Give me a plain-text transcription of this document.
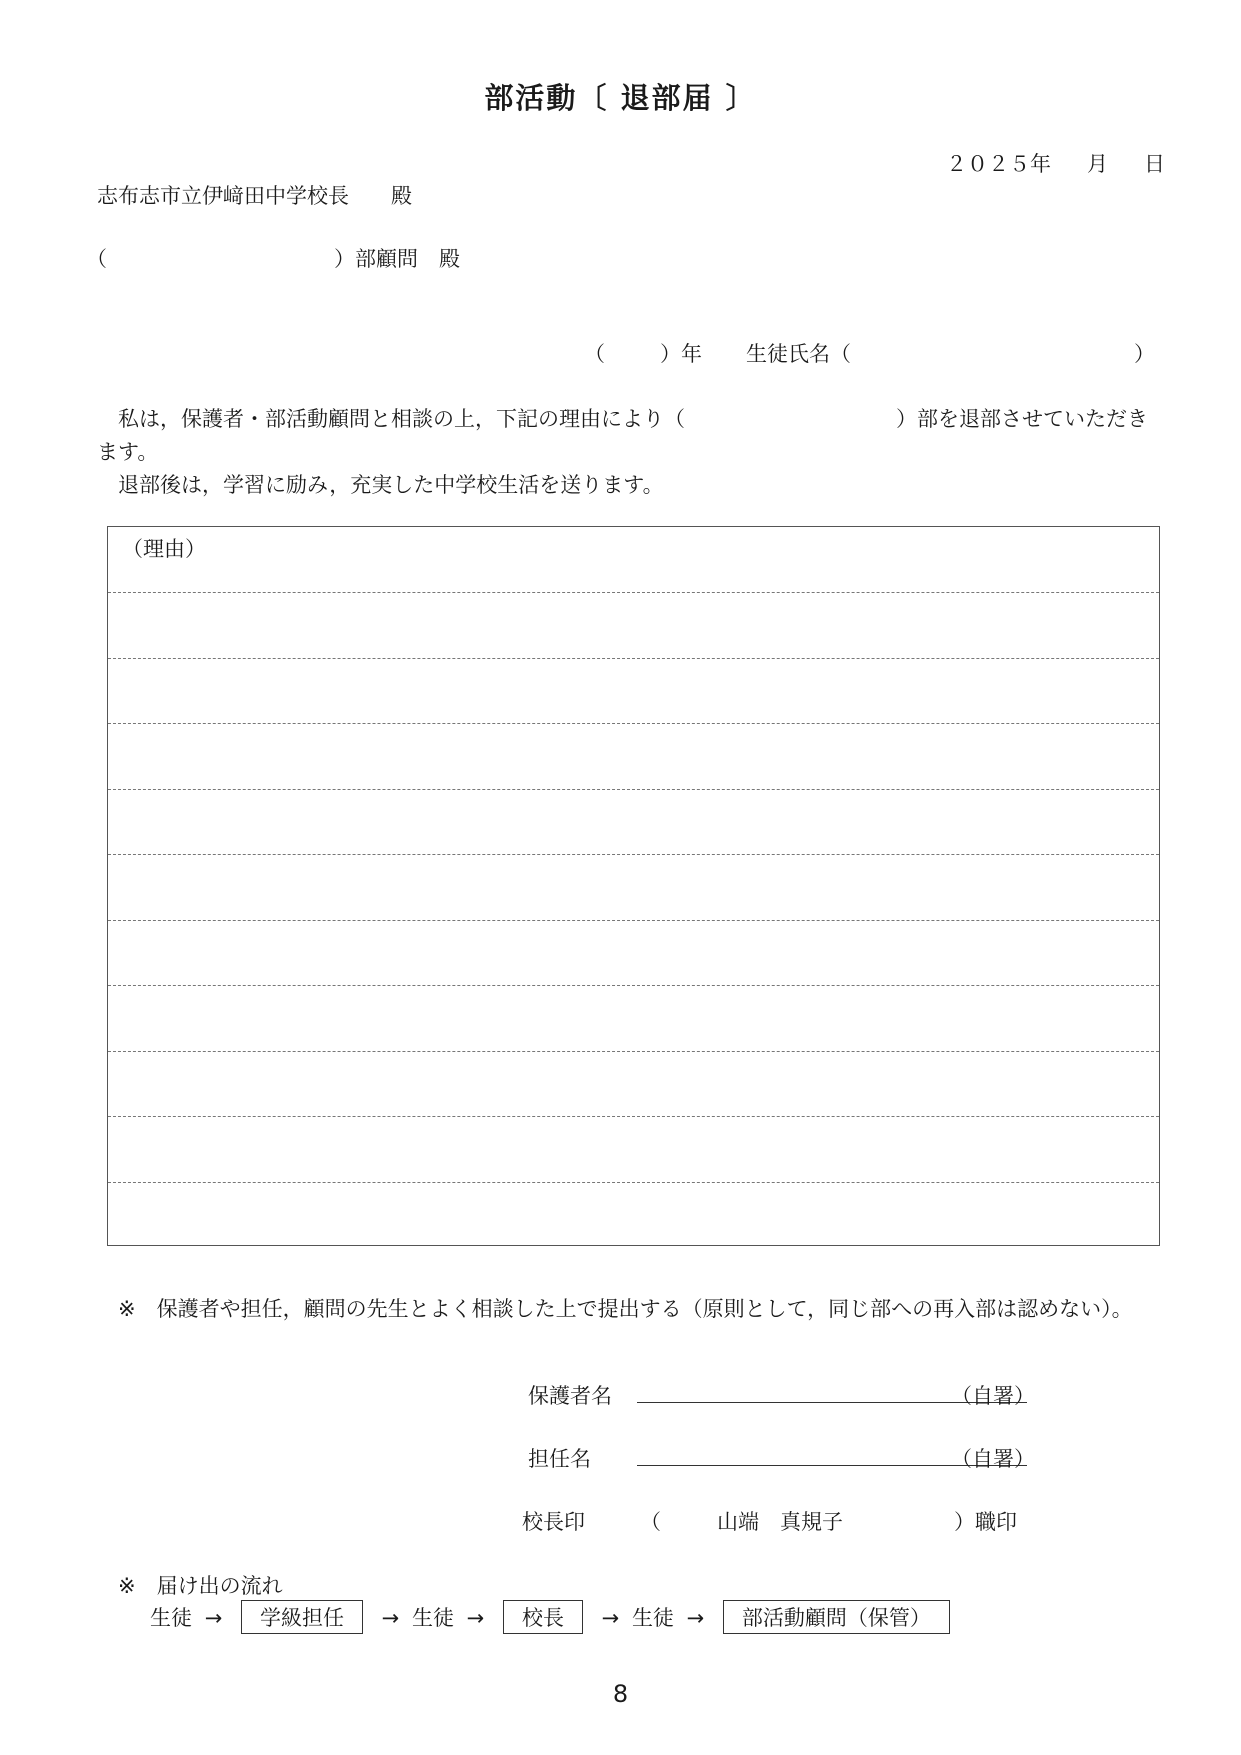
部活動〔 退部届 〕
２０２５年 月 日
志布志市立伊﨑田中学校長　　殿
（	）部顧問　殿
（	）年 生徒氏名（	）
私は，保護者・部活動顧問と相談の上，下記の理由により（	）部を退部させていただき
ます。
退部後は，学習に励み，充実した中学校生活を送ります。
（理由）
※　保護者や担任，顧問の先生とよく相談した上で提出する（原則として，同じ部への再入部は認めない）。
保護者名	（自署）
担任名	（自署）
校長印	（	山端　真規子	）職印
※　届け出の流れ
生徒 → 学級担任 → 生徒 → 校長 → 生徒 → 部活動顧問（保管）
8
